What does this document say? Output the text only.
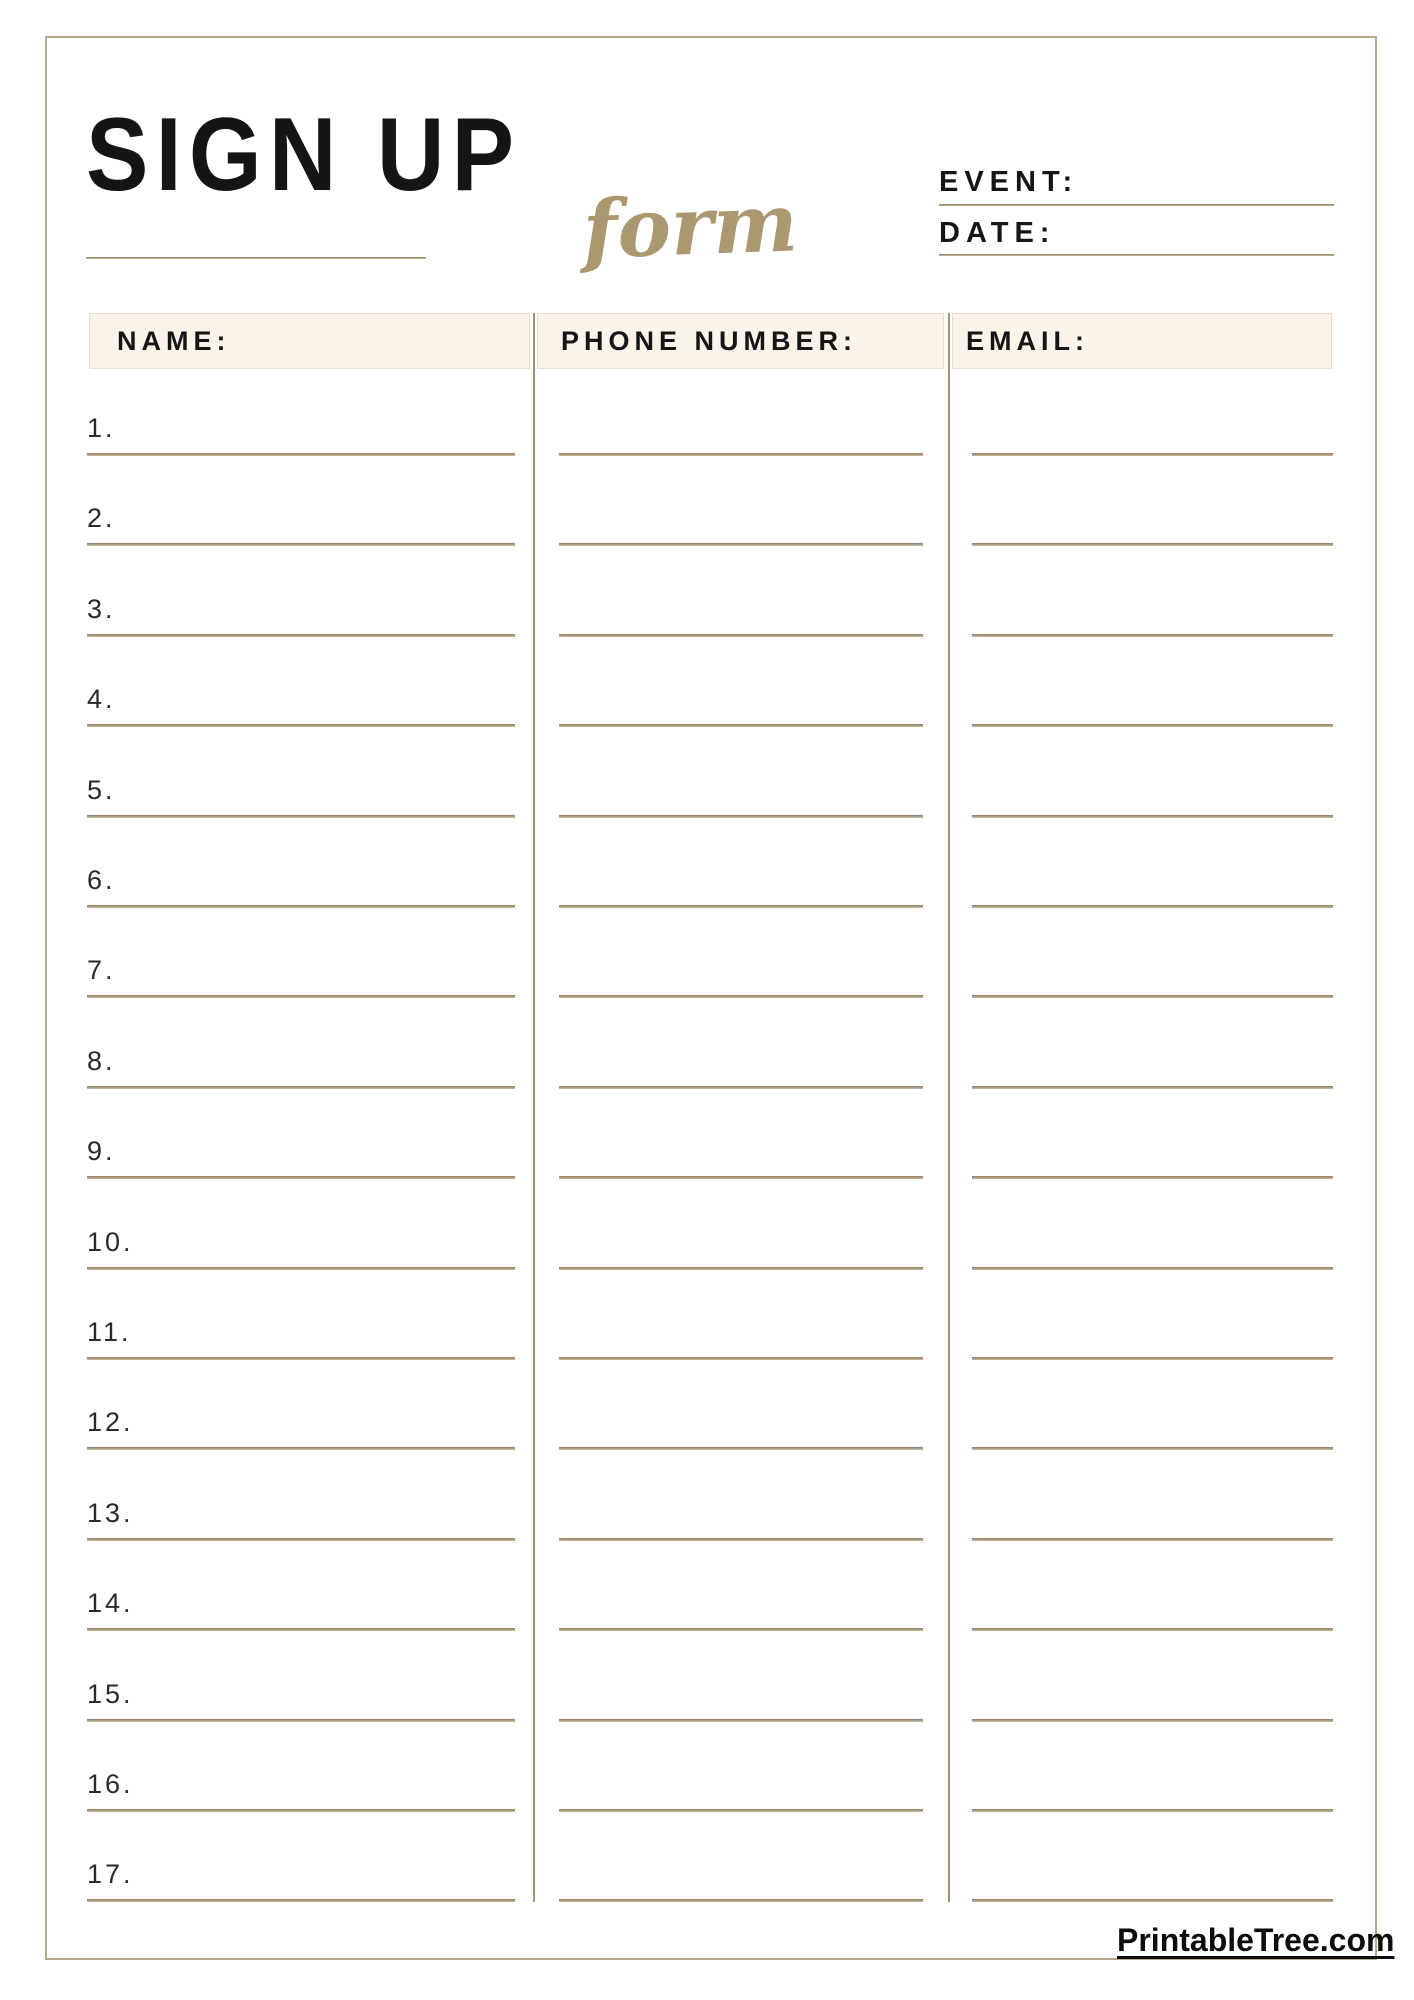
SIGN UP
form	EVENT:
DATE:
NAME:	PHONE NUMBER:	EMAIL:
1.
2.
3.
4.
5.
6.
7.
8.
9.
10.
11.
12.
13.
14.
15.
16.
17.
PrintableTree.com
